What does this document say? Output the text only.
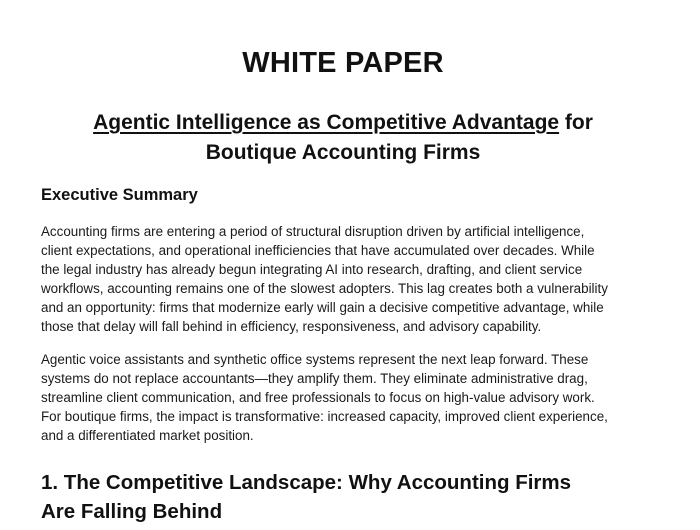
WHITE PAPER
Agentic Intelligence as Competitive Advantage for
Boutique Accounting Firms
Executive Summary

Accounting firms are entering a period of structural disruption driven by artificial intelligence,
client expectations, and operational inefficiencies that have accumulated over decades. While
the legal industry has already begun integrating AI into research, drafting, and client service
workflows, accounting remains one of the slowest adopters. This lag creates both a vulnerability
and an opportunity: firms that modernize early will gain a decisive competitive advantage, while
those that delay will fall behind in efficiency, responsiveness, and advisory capability.

Agentic voice assistants and synthetic office systems represent the next leap forward. These
systems do not replace accountants—they amplify them. They eliminate administrative drag,
streamline client communication, and free professionals to focus on high-value advisory work.
For boutique firms, the impact is transformative: increased capacity, improved client experience,
and a differentiated market position.

1. The Competitive Landscape: Why Accounting Firms
Are Falling Behind
